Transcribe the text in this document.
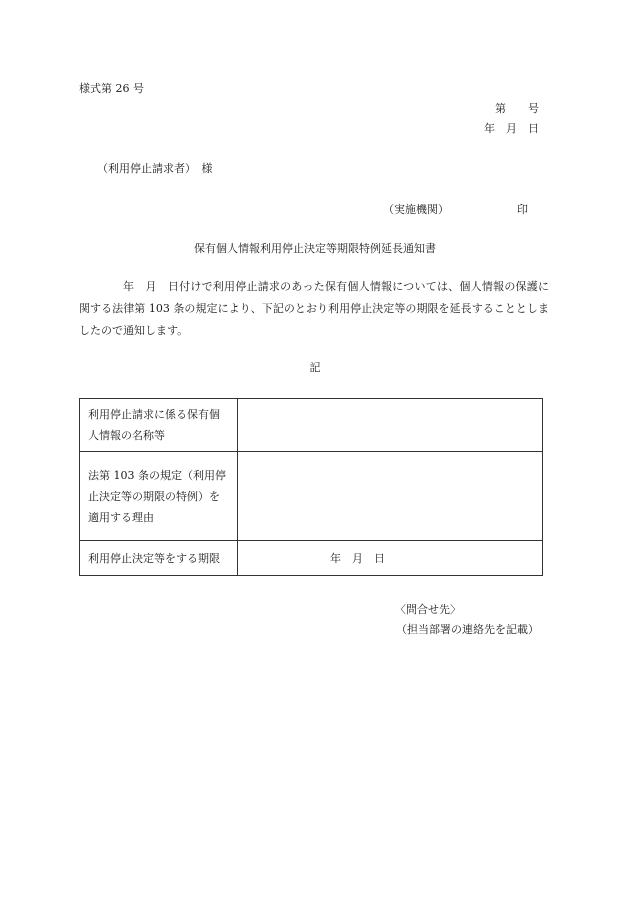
様式第 26 号
第　　号
年　月　日
（利用停止請求者）　様
（実施機関）	印
保有個人情報利用停止決定等期限特例延長通知書
年　月　日付けで利用停止請求のあった保有個人情報については、個人情報の保護に関する法律第 103 条の規定により、下記のとおり利用停止決定等の期限を延長することとしましたので通知します。
記
利用停止請求に係る保有個人情報の名称等	
法第 103 条の規定（利用停止決定等の期限の特例）を適用する理由	
利用停止決定等をする期限	年　月　日
〈問合せ先〉
（担当部署の連絡先を記載）
